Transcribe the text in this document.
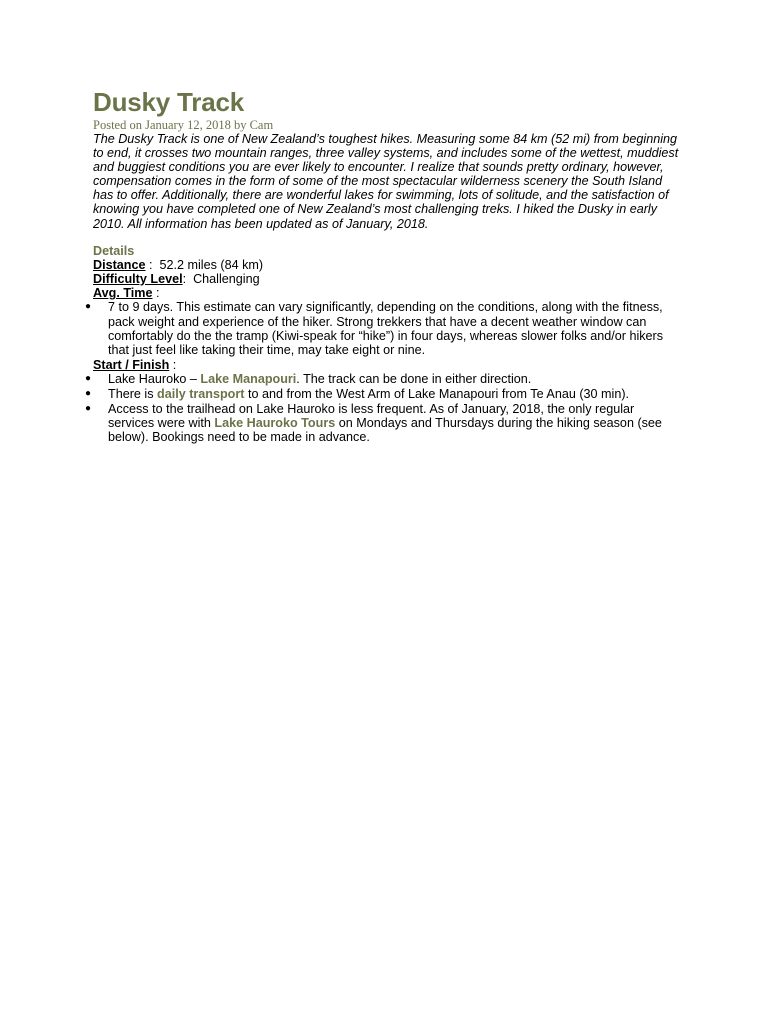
Dusky Track

Posted on January 12, 2018 by Cam

The Dusky Track is one of New Zealand’s toughest hikes. Measuring some 84 km (52 mi) from beginning to end, it crosses two mountain ranges, three valley systems, and includes some of the wettest, muddiest and buggiest conditions you are ever likely to encounter. I realize that sounds pretty ordinary, however, compensation comes in the form of some of the most spectacular wilderness scenery the South Island has to offer. Additionally, there are wonderful lakes for swimming, lots of solitude, and the satisfaction of knowing you have completed one of New Zealand’s most challenging treks. I hiked the Dusky in early 2010. All information has been updated as of January, 2018.

Details

Distance :  52.2 miles (84 km)

Difficulty Level:  Challenging

Avg. Time :

● 7 to 9 days. This estimate can vary significantly, depending on the conditions, along with the fitness, pack weight and experience of the hiker. Strong trekkers that have a decent weather window can comfortably do the the tramp (Kiwi-speak for “hike”) in four days, whereas slower folks and/or hikers that just feel like taking their time, may take eight or nine.

Start / Finish :

● Lake Hauroko – Lake Manapouri. The track can be done in either direction.
● There is daily transport to and from the West Arm of Lake Manapouri from Te Anau (30 min).
● Access to the trailhead on Lake Hauroko is less frequent. As of January, 2018, the only regular services were with Lake Hauroko Tours on Mondays and Thursdays during the hiking season (see below). Bookings need to be made in advance.
